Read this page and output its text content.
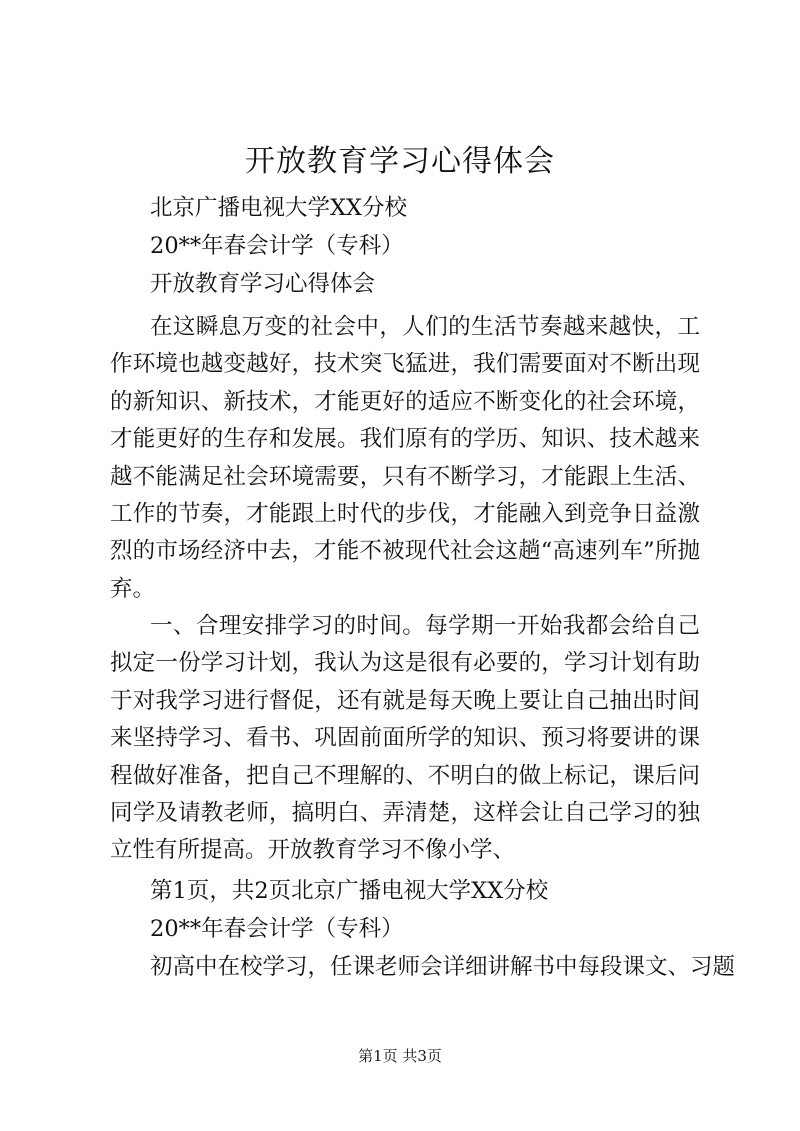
开放教育学习心得体会
北京广播电视大学XX分校
20**年春会计学（专科）
开放教育学习心得体会
在这瞬息万变的社会中，人们的生活节奏越来越快，工作环境也越变越好，技术突飞猛进，我们需要面对不断出现的新知识、新技术，才能更好的适应不断变化的社会环境，才能更好的生存和发展。我们原有的学历、知识、技术越来越不能满足社会环境需要，只有不断学习，才能跟上生活、工作的节奏，才能跟上时代的步伐，才能融入到竞争日益激烈的市场经济中去，才能不被现代社会这趟“高速列车”所抛弃。
一、合理安排学习的时间。每学期一开始我都会给自己拟定一份学习计划，我认为这是很有必要的，学习计划有助于对我学习进行督促，还有就是每天晚上要让自己抽出时间来坚持学习、看书、巩固前面所学的知识、预习将要讲的课程做好准备，把自己不理解的、不明白的做上标记，课后问同学及请教老师，搞明白、弄清楚，这样会让自己学习的独立性有所提高。开放教育学习不像小学、
第1页，共2页北京广播电视大学XX分校
20**年春会计学（专科）
初高中在校学习，任课老师会详细讲解书中每段课文、习题
第1页 共3页
